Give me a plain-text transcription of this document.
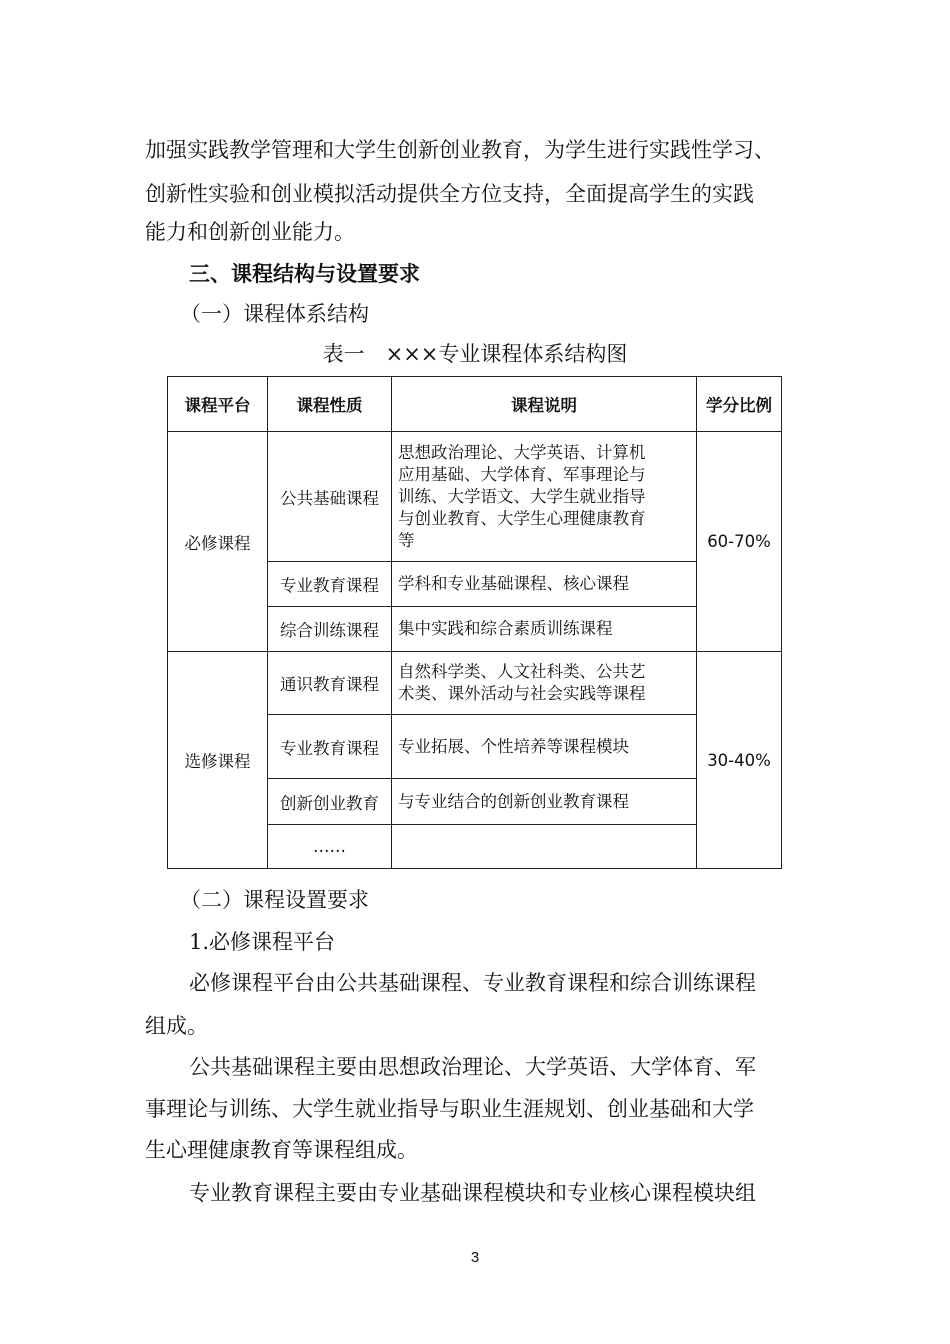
加强实践教学管理和大学生创新创业教育，为学生进行实践性学习、
创新性实验和创业模拟活动提供全方位支持，全面提高学生的实践
能力和创新创业能力。
三、课程结构与设置要求
（一）课程体系结构
表一　×××专业课程体系结构图
课程平台	课程性质	课程说明	学分比例
必修课程	公共基础课程	思想政治理论、大学英语、计算机
应用基础、大学体育、军事理论与
训练、大学语文、大学生就业指导
与创业教育、大学生心理健康教育
等	60-70%
	专业教育课程	学科和专业基础课程、核心课程	
	综合训练课程	集中实践和综合素质训练课程	
选修课程	通识教育课程	自然科学类、人文社科类、公共艺
术类、课外活动与社会实践等课程	30-40%
	专业教育课程	专业拓展、个性培养等课程模块	
	创新创业教育	与专业结合的创新创业教育课程	
	……		
（二）课程设置要求
1.必修课程平台
必修课程平台由公共基础课程、专业教育课程和综合训练课程
组成。
公共基础课程主要由思想政治理论、大学英语、大学体育、军
事理论与训练、大学生就业指导与职业生涯规划、创业基础和大学
生心理健康教育等课程组成。
专业教育课程主要由专业基础课程模块和专业核心课程模块组
3
